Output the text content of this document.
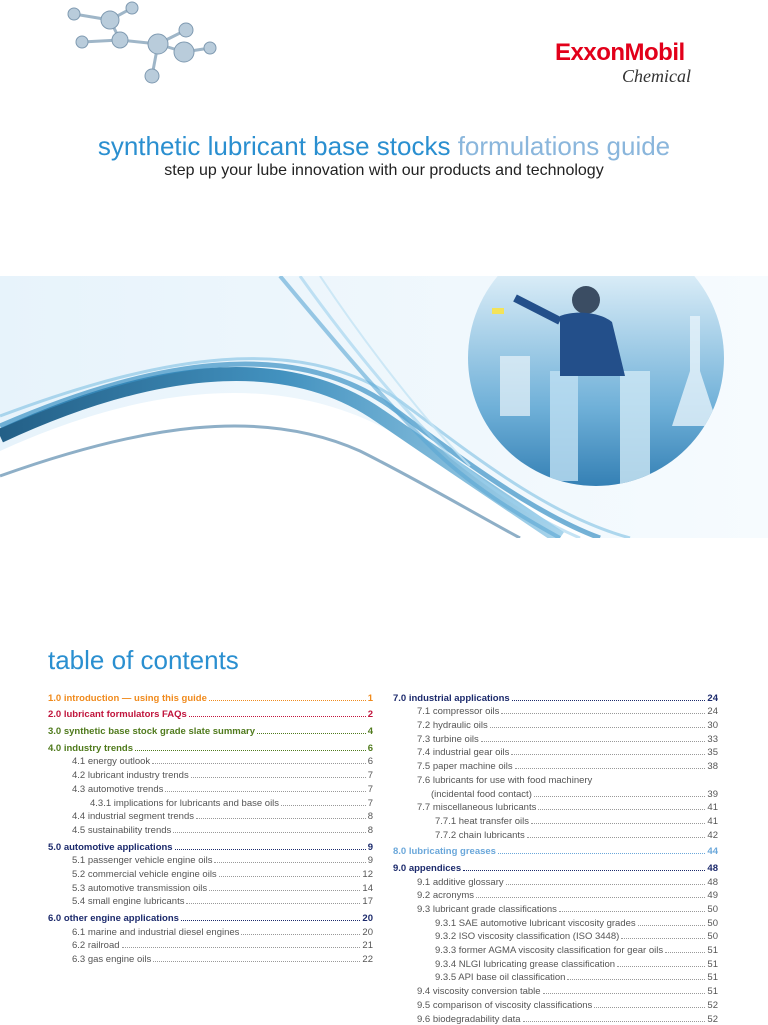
ExxonMobil
Chemical
synthetic lubricant base stocks formulations guide
step up your lube innovation with our products and technology
table of contents
1.0 introduction — using this guide	1
2.0 lubricant formulators FAQs	2
3.0 synthetic base stock grade slate summary	4
4.0 industry trends	6
4.1 energy outlook	6
4.2 lubricant industry trends	7
4.3 automotive trends	7
4.3.1 implications for lubricants and base oils	7
4.4 industrial segment trends	8
4.5 sustainability trends	8
5.0 automotive applications	9
5.1 passenger vehicle engine oils	9
5.2 commercial vehicle engine oils	12
5.3 automotive transmission oils	14
5.4 small engine lubricants	17
6.0 other engine applications	20
6.1 marine and industrial diesel engines	20
6.2 railroad	21
6.3 gas engine oils	22
7.0 industrial applications	24
7.1 compressor oils	24
7.2 hydraulic oils	30
7.3 turbine oils	33
7.4 industrial gear oils	35
7.5 paper machine oils	38
7.6 lubricants for use with food machinery
(incidental food contact)	39
7.7 miscellaneous lubricants	41
7.7.1 heat transfer oils	41
7.7.2 chain lubricants	42
8.0 lubricating greases	44
9.0 appendices	48
9.1 additive glossary	48
9.2 acronyms	49
9.3 lubricant grade classifications	50
9.3.1 SAE automotive lubricant viscosity grades	50
9.3.2 ISO viscosity classification (ISO 3448)	50
9.3.3 former AGMA viscosity classification for gear oils	51
9.3.4 NLGI lubricating grease classification	51
9.3.5 API base oil classification	51
9.4 viscosity conversion table	51
9.5 comparison of viscosity classifications	52
9.6 biodegradability data	52
